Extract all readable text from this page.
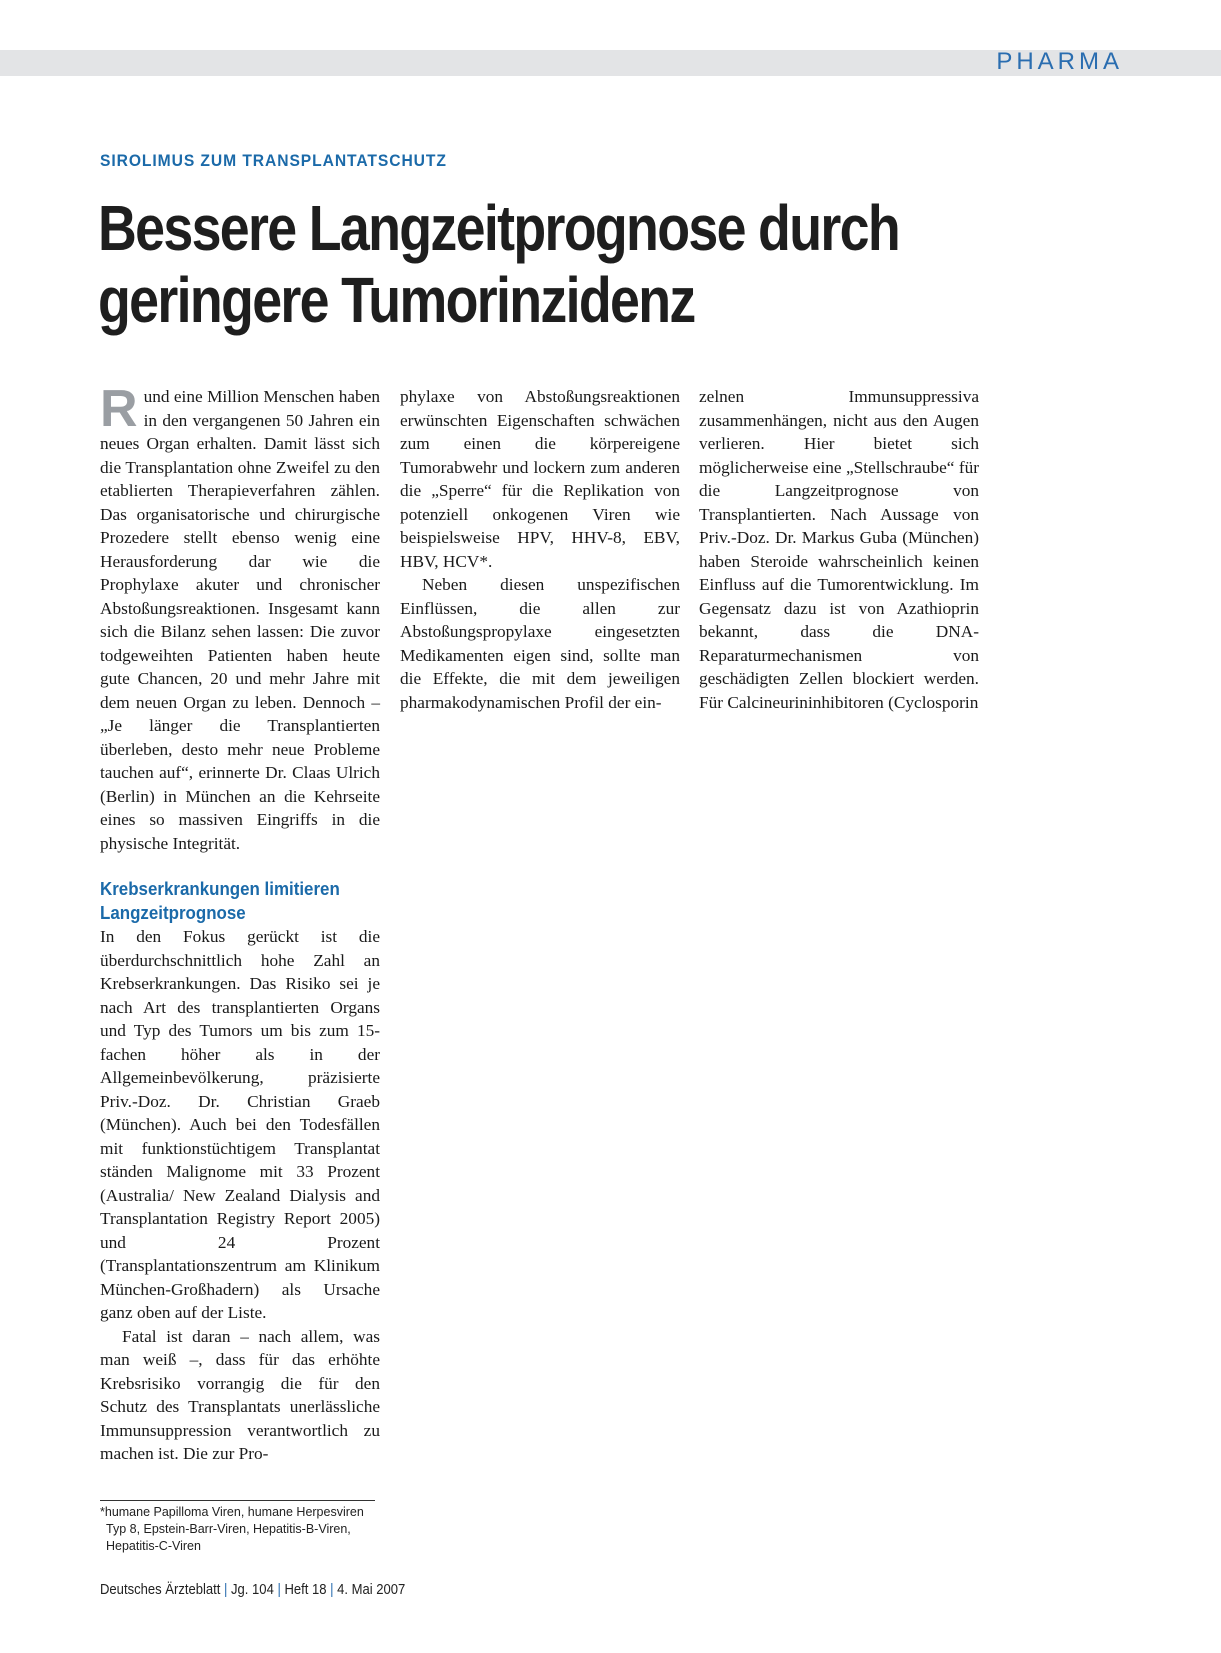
PHARMA
SIROLIMUS ZUM TRANSPLANTATSCHUTZ
Bessere Langzeitprognose durch
geringere Tumorinzidenz

Rund eine Million Menschen haben in den vergangenen 50 Jahren ein neues Organ erhalten. Damit lässt sich die Transplantation ohne Zweifel zu den etablierten Therapieverfahren zählen. Das organisatorische und chirurgische Prozedere stellt ebenso wenig eine Herausforderung dar wie die Prophylaxe akuter und chronischer Abstoßungsreaktionen. Insgesamt kann sich die Bilanz sehen lassen: Die zuvor todgeweihten Patienten haben heute gute Chancen, 20 und mehr Jahre mit dem neuen Organ zu leben. Dennoch – „Je länger die Transplantierten überleben, desto mehr neue Probleme tauchen auf“, erinnerte Dr. Claas Ulrich (Berlin) in München an die Kehrseite eines so massiven Eingriffs in die physische Integrität.

Krebserkrankungen limitieren Langzeitprognose

In den Fokus gerückt ist die überdurchschnittlich hohe Zahl an Krebserkrankungen. Das Risiko sei je nach Art des transplantierten Organs und Typ des Tumors um bis zum 15-fachen höher als in der Allgemeinbevölkerung, präzisierte Priv.-Doz. Dr. Christian Graeb (München). Auch bei den Todesfällen mit funktionstüchtigem Transplantat ständen Malignome mit 33 Prozent (Australia/ New Zealand Dialysis and Transplantation Registry Report 2005) und 24 Prozent (Transplantationszentrum am Klinikum München-Großhadern) als Ursache ganz oben auf der Liste.

Fatal ist daran – nach allem, was man weiß –, dass für das erhöhte Krebsrisiko vorrangig die für den Schutz des Transplantats unerlässliche Immunsuppression verantwortlich zu machen ist. Die zur Pro-

phylaxe von Abstoßungsreaktionen erwünschten Eigenschaften schwächen zum einen die körpereigene Tumorabwehr und lockern zum anderen die „Sperre“ für die Replikation von potenziell onkogenen Viren wie beispielsweise HPV, HHV-8, EBV, HBV, HCV*.

Neben diesen unspezifischen Einflüssen, die allen zur Abstoßungspropylaxe eingesetzten Medikamenten eigen sind, sollte man die Effekte, die mit dem jeweiligen pharmakodynamischen Profil der ein-

zelnen Immunsuppressiva zusammenhängen, nicht aus den Augen verlieren. Hier bietet sich möglicherweise eine „Stellschraube“ für die Langzeitprognose von Transplantierten. Nach Aussage von Priv.-Doz. Dr. Markus Guba (München) haben Steroide wahrscheinlich keinen Einfluss auf die Tumorentwicklung. Im Gegensatz dazu ist von Azathioprin bekannt, dass die DNA-Reparaturmechanismen von geschädigten Zellen blockiert werden. Für Calcineurininhibitoren (Cyclosporin

*humane Papilloma Viren, humane Herpesviren
Typ 8, Epstein-Barr-Viren, Hepatitis-B-Viren, Hepatitis-C-Viren
Deutsches Ärzteblatt | Jg. 104 | Heft 18 | 4. Mai 2007
